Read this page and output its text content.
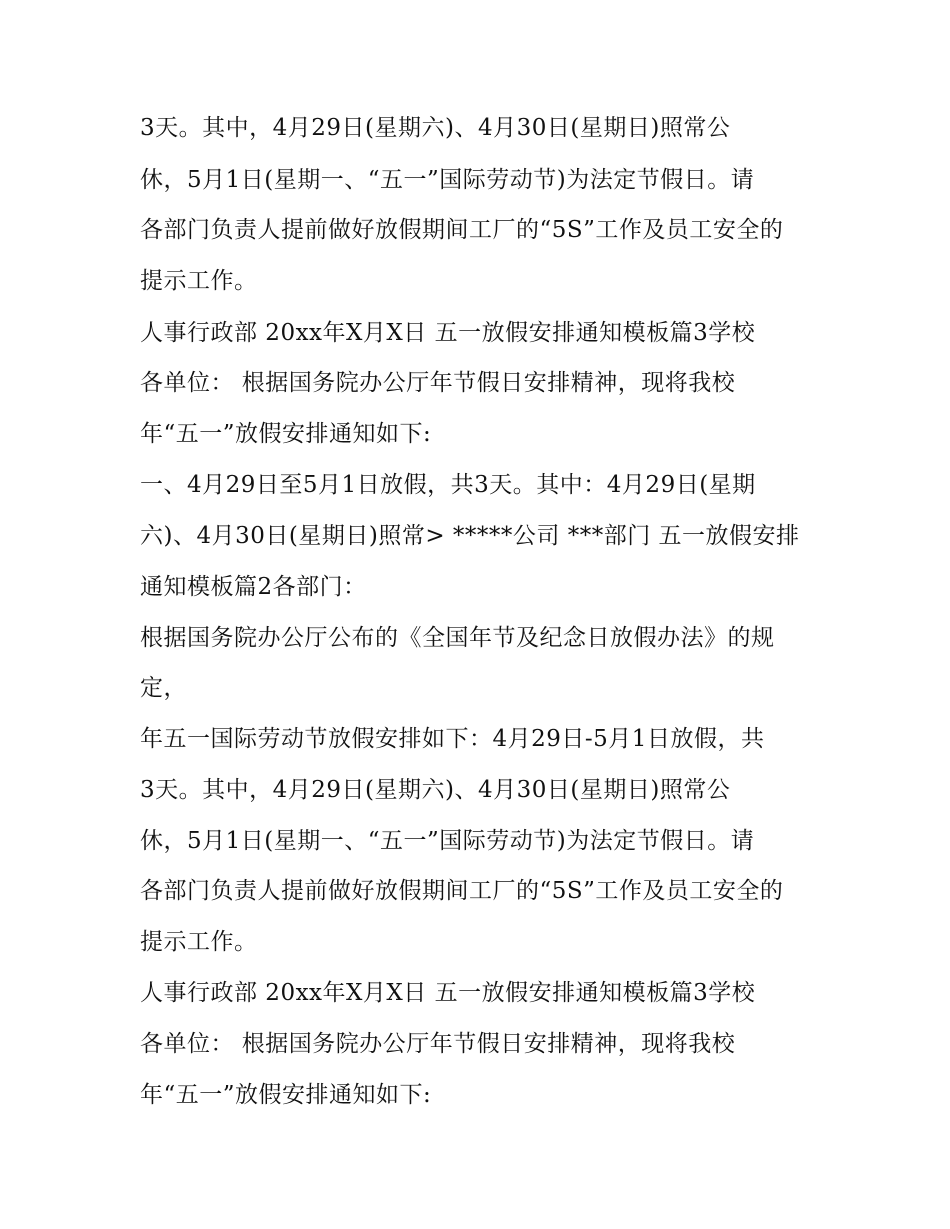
3天。其中，4月29日(星期六)、4月30日(星期日)照常公
休，5月1日(星期一、“五一”国际劳动节)为法定节假日。请
各部门负责人提前做好放假期间工厂的“5S”工作及员工安全的
提示工作。
人事行政部 20xx年X月X日 五一放假安排通知模板篇3学校
各单位： 根据国务院办公厅年节假日安排精神，现将我校
年“五一”放假安排通知如下:
一、4月29日至5月1日放假，共3天。其中：4月29日(星期
六)、4月30日(星期日)照常> *****公司 ***部门 五一放假安排
通知模板篇2各部门：
根据国务院办公厅公布的《全国年节及纪念日放假办法》的规
定，
年五一国际劳动节放假安排如下：4月29日-5月1日放假，共
3天。其中，4月29日(星期六)、4月30日(星期日)照常公
休，5月1日(星期一、“五一”国际劳动节)为法定节假日。请
各部门负责人提前做好放假期间工厂的“5S”工作及员工安全的
提示工作。
人事行政部 20xx年X月X日 五一放假安排通知模板篇3学校
各单位： 根据国务院办公厅年节假日安排精神，现将我校
年“五一”放假安排通知如下:
